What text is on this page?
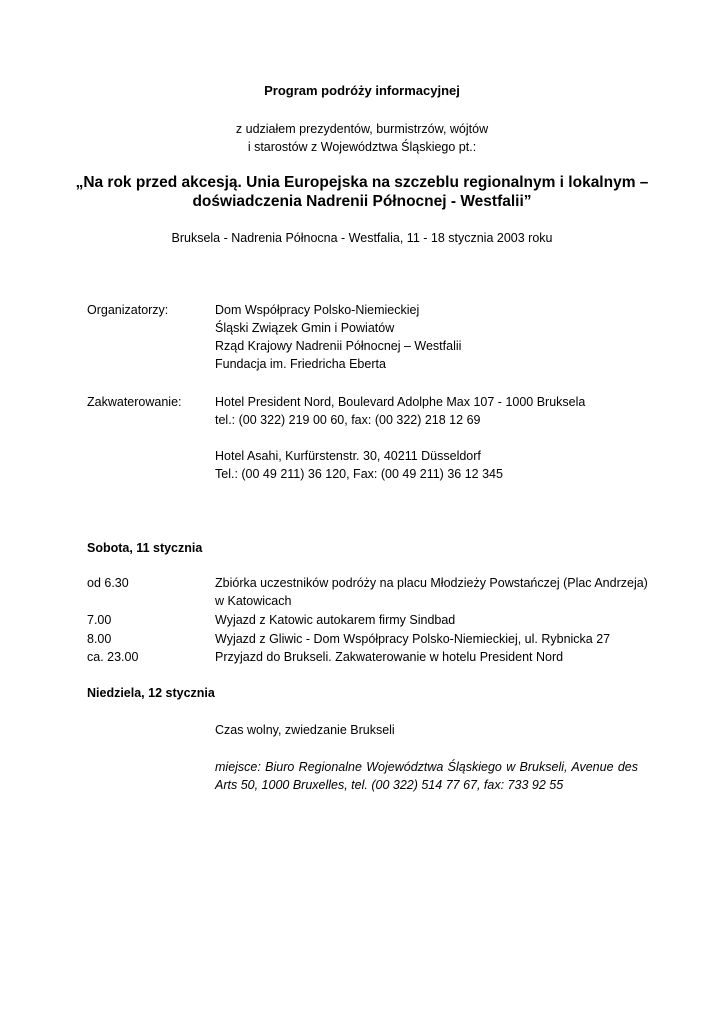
Program podróży informacyjnej
z udziałem prezydentów, burmistrzów, wójtów
i starostów z Województwa Śląskiego pt.:
„Na rok przed akcesją. Unia Europejska na szczeblu regionalnym i lokalnym –
doświadczenia Nadrenii Północnej - Westfalii”
Bruksela - Nadrenia Północna - Westfalia, 11 - 18 stycznia 2003 roku
Organizatorzy:	Dom Współpracy Polsko-Niemieckiej
Śląski Związek Gmin i Powiatów
Rząd Krajowy Nadrenii Północnej – Westfalii
Fundacja im. Friedricha Eberta
Zakwaterowanie:	Hotel President Nord, Boulevard Adolphe Max 107 - 1000 Bruksela
tel.: (00 322) 219 00 60, fax: (00 322) 218 12 69
Hotel Asahi, Kurfürstenstr. 30, 40211 Düsseldorf
Tel.: (00 49 211) 36 120, Fax: (00 49 211) 36 12 345
Sobota, 11 stycznia
od 6.30	Zbiórka uczestników podróży na placu Młodzieży Powstańczej (Plac Andrzeja)
w Katowicach
7.00	Wyjazd z Katowic autokarem firmy Sindbad
8.00	Wyjazd z Gliwic - Dom Współpracy Polsko-Niemieckiej, ul. Rybnicka 27
ca. 23.00	Przyjazd do Brukseli. Zakwaterowanie w hotelu President Nord
Niedziela, 12 stycznia
Czas wolny, zwiedzanie Brukseli
miejsce: Biuro Regionalne Województwa Śląskiego w Brukseli, Avenue des Arts 50, 1000 Bruxelles, tel. (00 322) 514 77 67, fax: 733 92 55
